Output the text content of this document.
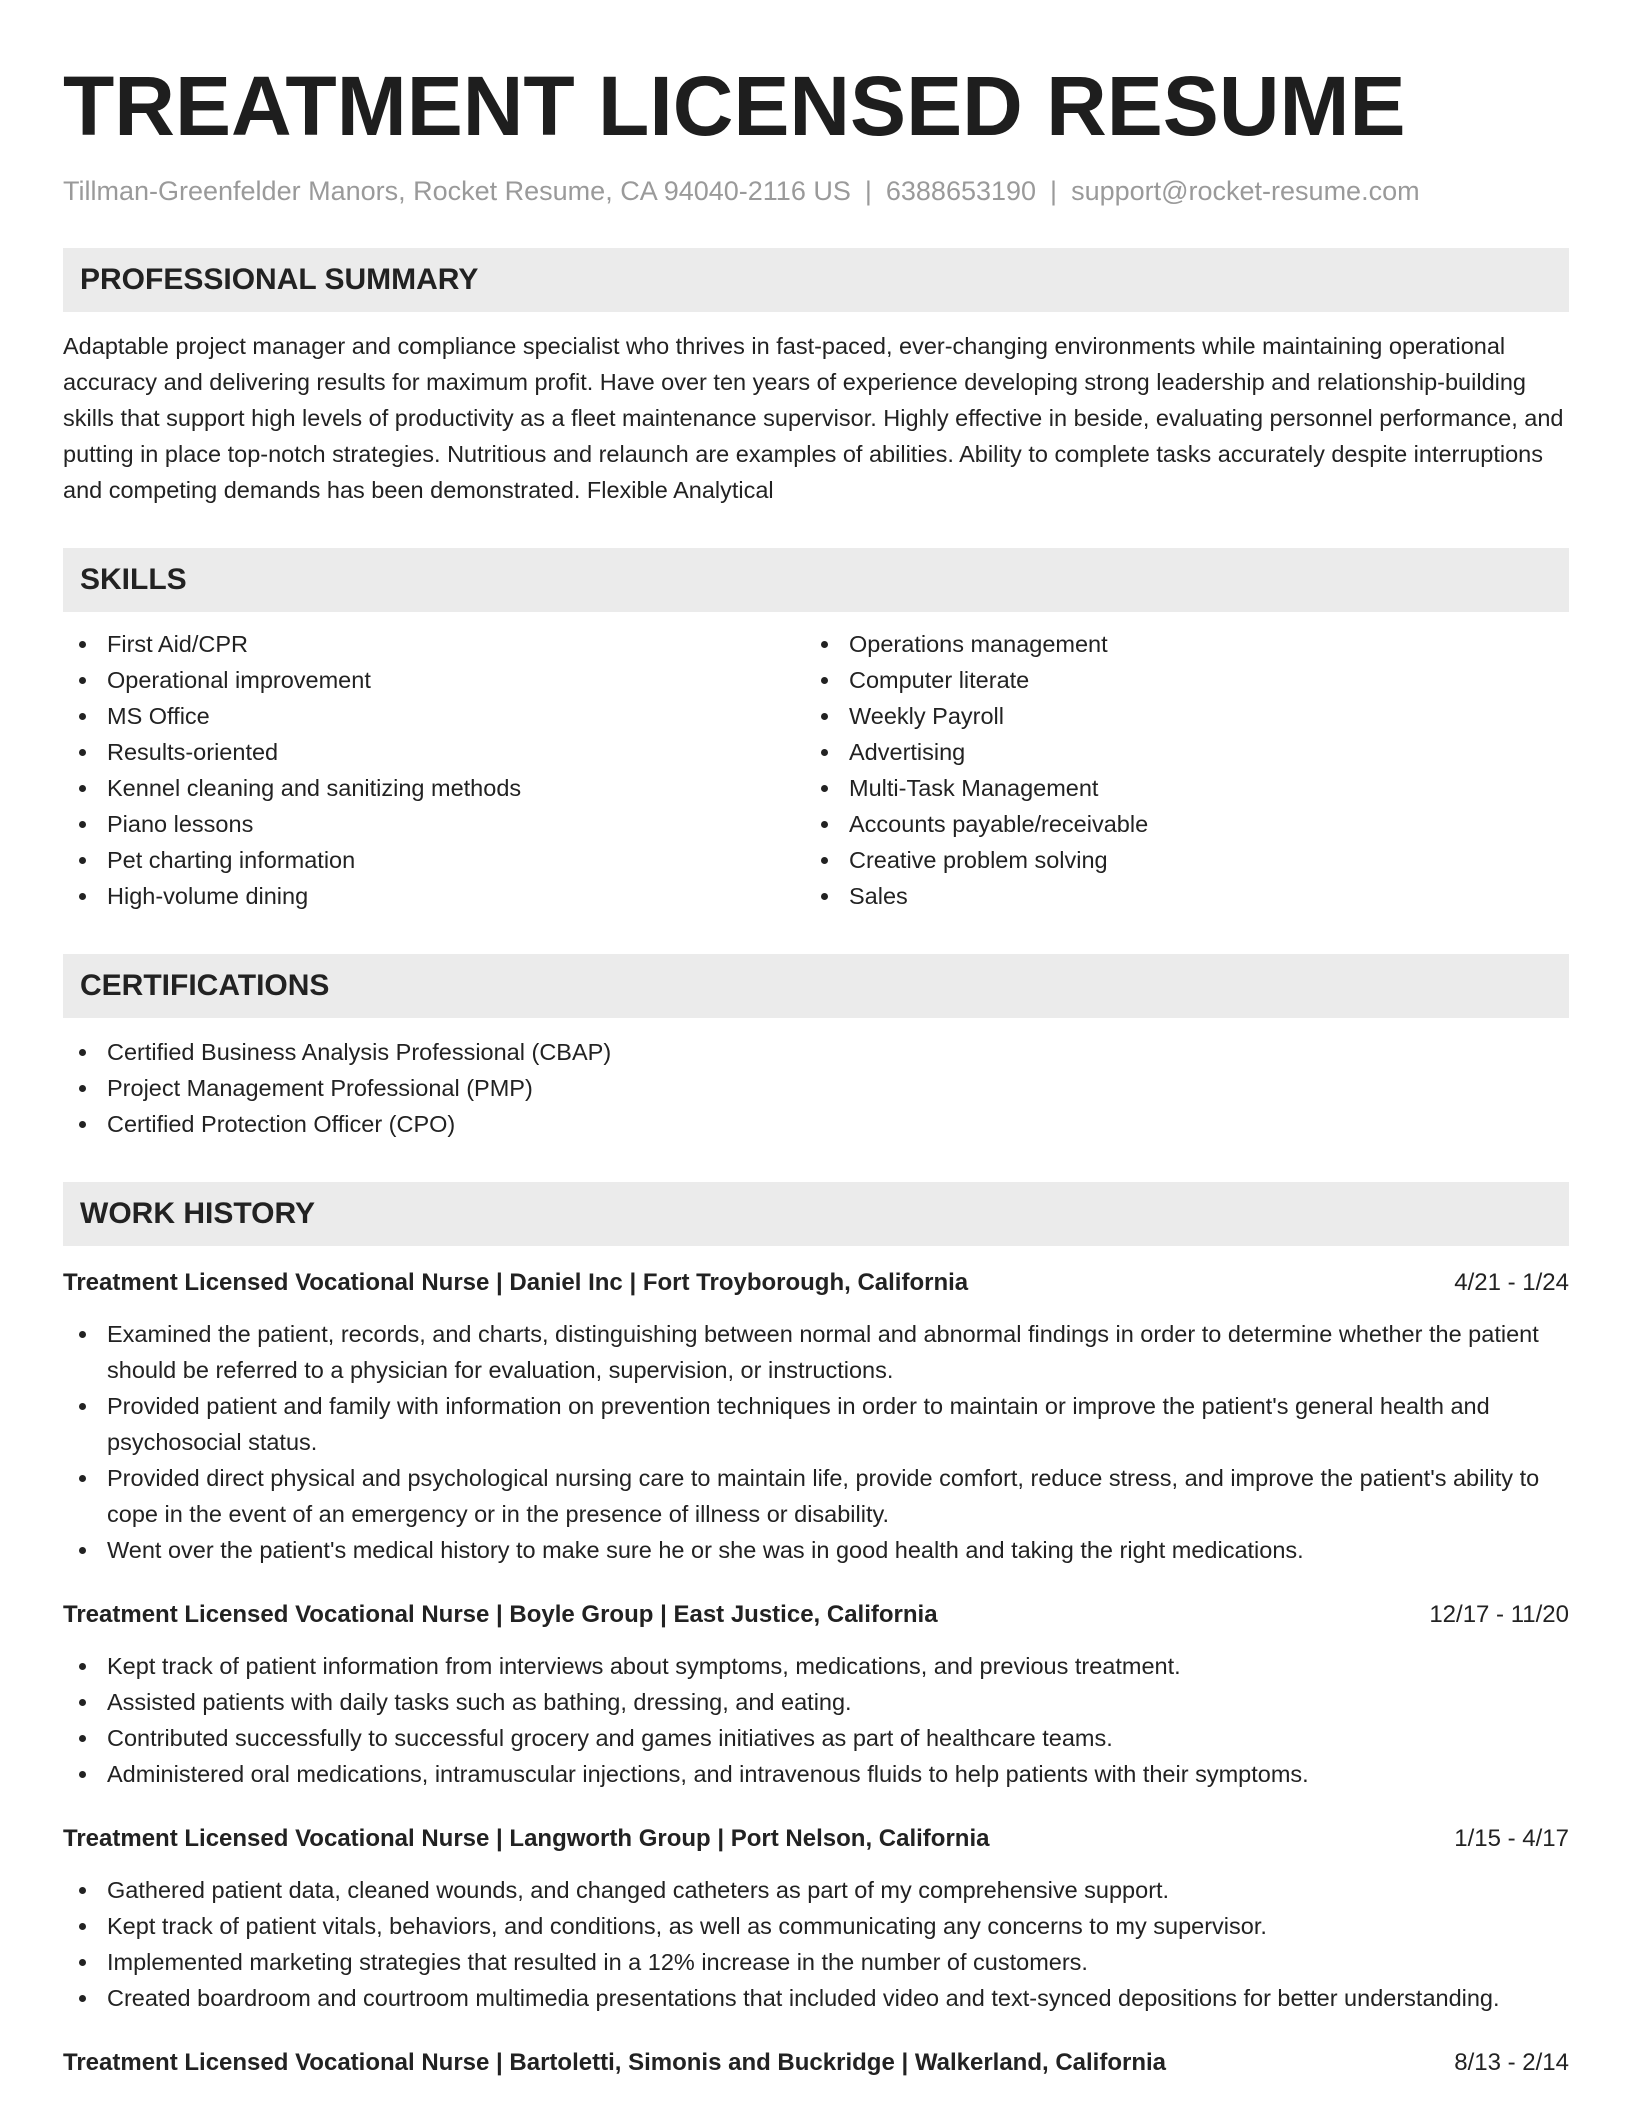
TREATMENT LICENSED RESUME
Tillman-Greenfelder Manors, Rocket Resume, CA 94040-2116 US | 6388653190 | support@rocket-resume.com
PROFESSIONAL SUMMARY
Adaptable project manager and compliance specialist who thrives in fast-paced, ever-changing environments while maintaining operational accuracy and delivering results for maximum profit. Have over ten years of experience developing strong leadership and relationship-building skills that support high levels of productivity as a fleet maintenance supervisor. Highly effective in beside, evaluating personnel performance, and putting in place top-notch strategies. Nutritious and relaunch are examples of abilities. Ability to complete tasks accurately despite interruptions and competing demands has been demonstrated. Flexible Analytical
SKILLS
First Aid/CPR
Operational improvement
MS Office
Results-oriented
Kennel cleaning and sanitizing methods
Piano lessons
Pet charting information
High-volume dining
Operations management
Computer literate
Weekly Payroll
Advertising
Multi-Task Management
Accounts payable/receivable
Creative problem solving
Sales
CERTIFICATIONS
Certified Business Analysis Professional (CBAP)
Project Management Professional (PMP)
Certified Protection Officer (CPO)
WORK HISTORY
Treatment Licensed Vocational Nurse | Daniel Inc | Fort Troyborough, California	4/21 - 1/24
Examined the patient, records, and charts, distinguishing between normal and abnormal findings in order to determine whether the patient should be referred to a physician for evaluation, supervision, or instructions.
Provided patient and family with information on prevention techniques in order to maintain or improve the patient's general health and psychosocial status.
Provided direct physical and psychological nursing care to maintain life, provide comfort, reduce stress, and improve the patient's ability to cope in the event of an emergency or in the presence of illness or disability.
Went over the patient's medical history to make sure he or she was in good health and taking the right medications.
Treatment Licensed Vocational Nurse | Boyle Group | East Justice, California	12/17 - 11/20
Kept track of patient information from interviews about symptoms, medications, and previous treatment.
Assisted patients with daily tasks such as bathing, dressing, and eating.
Contributed successfully to successful grocery and games initiatives as part of healthcare teams.
Administered oral medications, intramuscular injections, and intravenous fluids to help patients with their symptoms.
Treatment Licensed Vocational Nurse | Langworth Group | Port Nelson, California	1/15 - 4/17
Gathered patient data, cleaned wounds, and changed catheters as part of my comprehensive support.
Kept track of patient vitals, behaviors, and conditions, as well as communicating any concerns to my supervisor.
Implemented marketing strategies that resulted in a 12% increase in the number of customers.
Created boardroom and courtroom multimedia presentations that included video and text-synced depositions for better understanding.
Treatment Licensed Vocational Nurse | Bartoletti, Simonis and Buckridge | Walkerland, California	8/13 - 2/14
